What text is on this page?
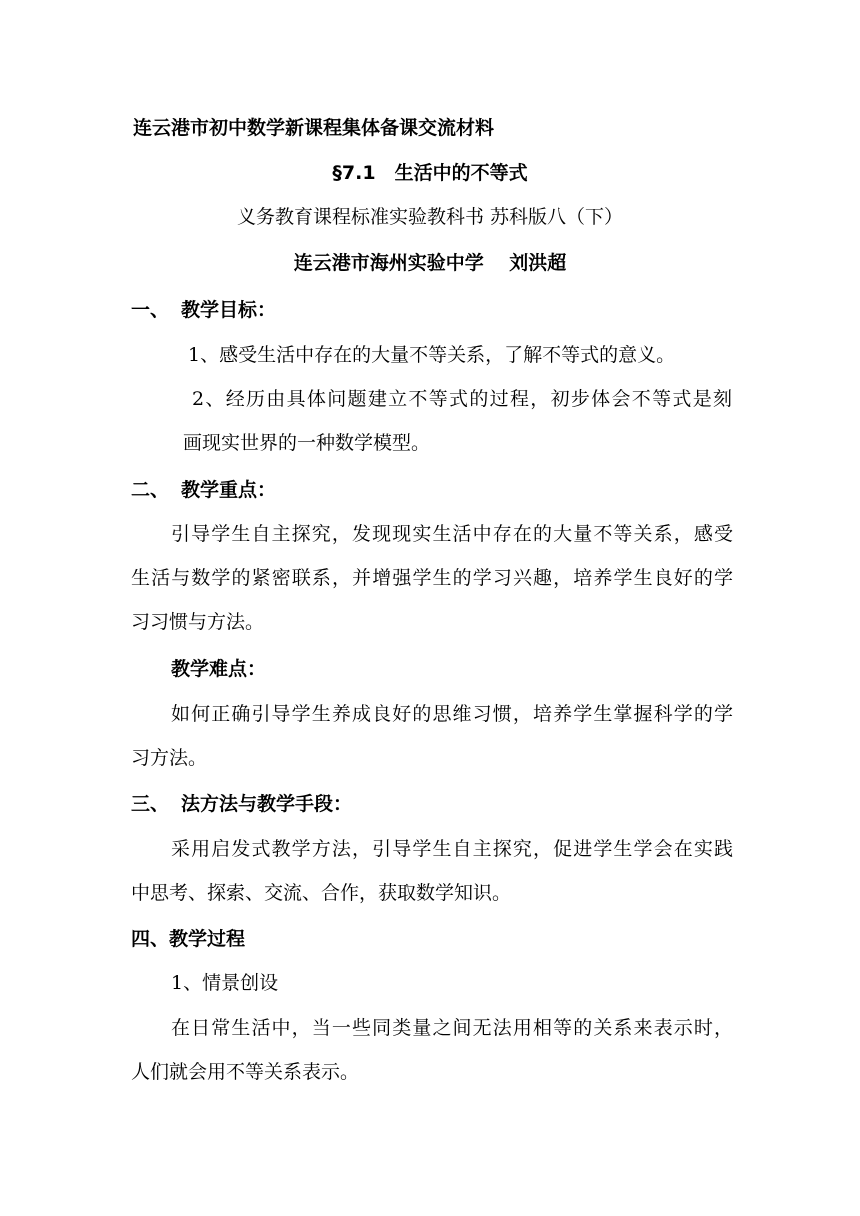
连云港市初中数学新课程集体备课交流材料
§7.1　生活中的不等式
义务教育课程标准实验教科书 苏科版八（下）
连云港市海州实验中学　 刘洪超
一、 教学目标：
1、感受生活中存在的大量不等关系，了解不等式的意义。
2、经历由具体问题建立不等式的过程，初步体会不等式是刻
画现实世界的一种数学模型。
二、 教学重点：
引导学生自主探究，发现现实生活中存在的大量不等关系，感受
生活与数学的紧密联系，并增强学生的学习兴趣，培养学生良好的学
习习惯与方法。
教学难点：
如何正确引导学生养成良好的思维习惯，培养学生掌握科学的学
习方法。
三、 法方法与教学手段：
采用启发式教学方法，引导学生自主探究，促进学生学会在实践
中思考、探索、交流、合作，获取数学知识。
四、教学过程
1、情景创设
在日常生活中，当一些同类量之间无法用相等的关系来表示时，
人们就会用不等关系表示。
